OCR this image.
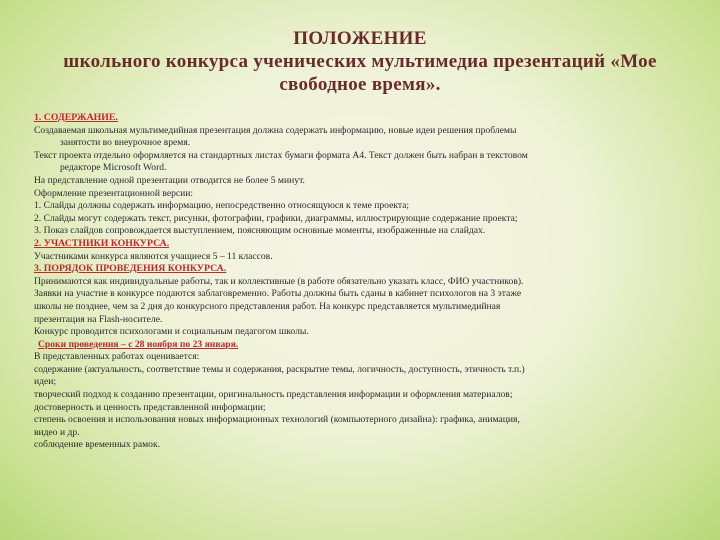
ПОЛОЖЕНИЕ
школьного конкурса ученических мультимедиа презентаций «Мое
свободное время».

1. СОДЕРЖАНИЕ.

Создаваемая школьная мультимедийная презентация должна содержать информацию, новые идеи решения проблемы

занятости во внеурочное время.

Текст проекта отдельно оформляется на стандартных листах бумаги формата А4. Текст должен быть набран в текстовом

редакторе Microsoft Word.

На представление одной презентации отводится не более 5 минут.

Оформление презентационной версии:

1. Слайды должны содержать информацию, непосредственно относящуюся к теме проекта;

2. Слайды могут содержать текст, рисунки, фотографии, графики, диаграммы, иллюстрирующие содержание проекта;

3. Показ слайдов сопровождается выступлением, поясняющим основные моменты, изображенные на слайдах.

2. УЧАСТНИКИ КОНКУРСА.

Участниками конкурса являются учащиеся 5 – 11 классов.

3. ПОРЯДОК ПРОВЕДЕНИЯ КОНКУРСА.

Принимаются как индивидуальные работы, так и коллективные (в работе обязательно указать класс, ФИО участников).

Заявки на участие в конкурсе подаются заблаговременно. Работы должны быть сданы в кабинет психологов на 3 этаже

школы не позднее, чем за 2 дня до конкурсного представления работ. На конкурс представляется мультимедийная

презентация на Flash-носителе.

Конкурс проводится психологами и социальным педагогом школы.

Сроки проведения – с 28 ноября по 23 января.

В представленных работах оценивается:

содержание (актуальность, соответствие темы и содержания, раскрытие темы, логичность, доступность, этичность т.п.)

идеи;

творческий подход к созданию презентации, оригинальность представления информации и оформления материалов;

достоверность и ценность представленной информации;

степень освоения и использования новых информационных технологий (компьютерного дизайна): графика, анимация,

видео и др.

соблюдение временных рамок.
